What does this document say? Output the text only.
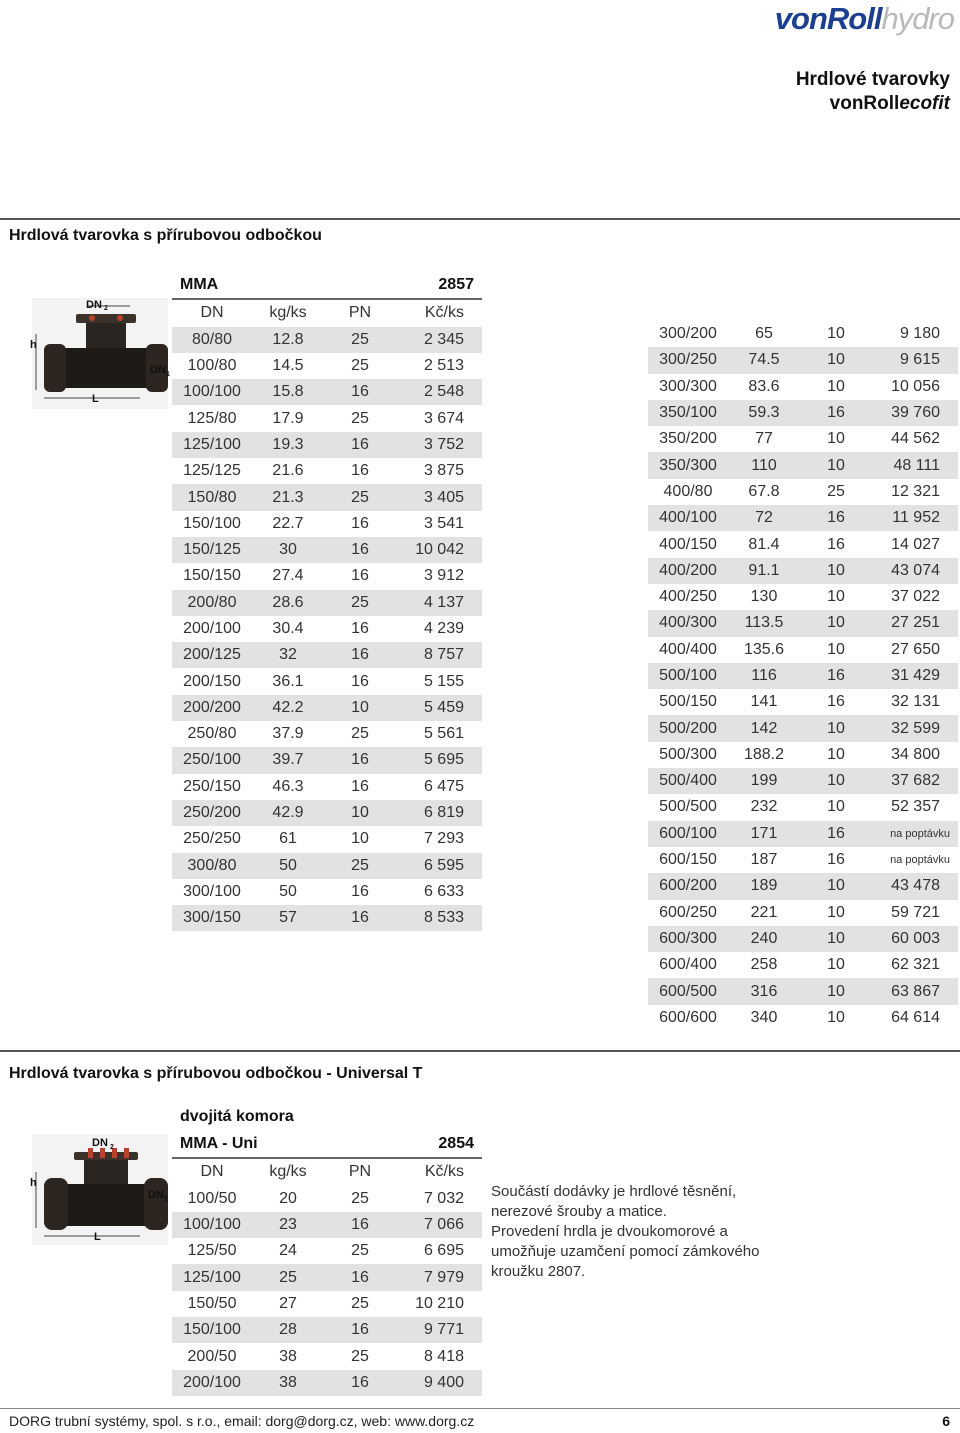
vonRoll hydro
Hrdlové tvarovky
vonRollecofit
Hrdlová tvarovka s přírubovou odbočkou
h
L
DN 2
DN 1
MMA		2857	
DN	kg/ks	PN	Kč/ks
80/80	12.8	25	2 345
100/80	14.5	25	2 513
100/100	15.8	16	2 548
125/80	17.9	25	3 674
125/100	19.3	16	3 752
125/125	21.6	16	3 875
150/80	21.3	25	3 405
150/100	22.7	16	3 541
150/125	30	16	10 042
150/150	27.4	16	3 912
200/80	28.6	25	4 137
200/100	30.4	16	4 239
200/125	32	16	8 757
200/150	36.1	16	5 155
200/200	42.2	10	5 459
250/80	37.9	25	5 561
250/100	39.7	16	5 695
250/150	46.3	16	6 475
250/200	42.9	10	6 819
250/250	61	10	7 293
300/80	50	25	6 595
300/100	50	16	6 633
300/150	57	16	8 533
300/200	65	10	9 180
300/250	74.5	10	9 615
300/300	83.6	10	10 056
350/100	59.3	16	39 760
350/200	77	10	44 562
350/300	110	10	48 111
400/80	67.8	25	12 321
400/100	72	16	11 952
400/150	81.4	16	14 027
400/200	91.1	10	43 074
400/250	130	10	37 022
400/300	113.5	10	27 251
400/400	135.6	10	27 650
500/100	116	16	31 429
500/150	141	16	32 131
500/200	142	10	32 599
500/300	188.2	10	34 800
500/400	199	10	37 682
500/500	232	10	52 357
600/100	171	16	na poptávku
600/150	187	16	na poptávku
600/200	189	10	43 478
600/250	221	10	59 721
600/300	240	10	60 003
600/400	258	10	62 321
600/500	316	10	63 867
600/600	340	10	64 614
Hrdlová tvarovka s přírubovou odbočkou - Universal T
dvojitá komora
h
L
DN 2
DN 1
MMA - Uni		2854	
DN	kg/ks	PN	Kč/ks
100/50	20	25	7 032
100/100	23	16	7 066
125/50	24	25	6 695
125/100	25	16	7 979
150/50	27	25	10 210
150/100	28	16	9 771
200/50	38	25	8 418
200/100	38	16	9 400
Součástí dodávky je hrdlové těsnění,
nerezové šrouby a matice.
Provedení hrdla je dvoukomorové a
umožňuje uzamčení pomocí zámkového
kroužku 2807.
DORG trubní systémy, spol. s r.o., email: dorg@dorg.cz, web: www.dorg.cz	6
